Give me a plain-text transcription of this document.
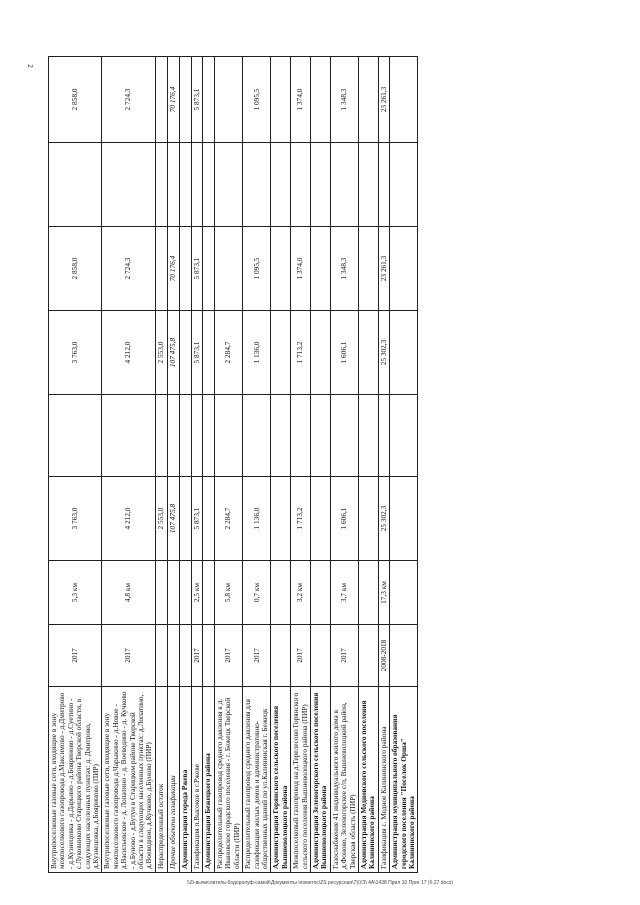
2
Внутрипоселковые газовые сети, входящие в зону межпоселкового газопровода д.Максимово - д.Дмитрово - д.Кузнецовка - д.Дарьино - д.Бояриново - д.Суетино - с.Луковниково Старицкого района Тверской области, в следующих населенных пунктах: д. Дмитрово, д.Кузнецовка, д.Бояриново (ПИР)	2017	5,3 км	3 763,0		3 763,0	2 858,0		2 858,0
Внутрипоселковые газовые сети, входящие в зону межпоселкового газопровода д.Чарыкино - д.Новое - д.Васильевское - д. Лопатино - д. Воеводино - д. Кучково - д.Буново - д.Бутун в Старицком районе Тверской области в следующих населенных пунктах: д.Лопатино, д.Воеводино, д.Кучково, д.Буново (ПИР)	2017	4,8 км	4 212,0		4 212,0	2 724,3		2 724,3
Нераспределенный остаток			2 553,0		2 553,0			
Прочие объекты газификации			107 475,8		107 475,8	70 176,4		70 176,4
Администрация города Ржева								
Газификация п.Высокое в г.Ржеве	2017	2,5 км	5 873,1		5 873,1	5 873,1		5 873,1
Администрация Бежецкого района								
Распределительный газопровод среднего давления к д. Ивановское городского поселения - г. Бежецк Тверской области (ПИР)	2017	5,8 км	2 284,7		2 284,7			
Распределительный газопровод среднего давления для газификации жилых домов и административно-общественных зданий по ул.Калининская г. Бежецк	2017	0,7 км	1 136,0		1 136,0	1 095,5		1 095,5
Администрация Горянского сельского поселения Вышневолоцкого района								
Межпоселковый газопровод на д.Терелесово Горянского сельского поселения Вышневолоцкого района (ПИР)	2017	3,2 км	1 713,2		1 713,2	1 374,0		1 374,0
Администрация Зеленогорского сельского поселения Вышневолоцкого района								
Газоснабжение 41 индивидуального жилого дома в д.Фоново, Зеленогорское с/п, Вышневолоцкий район, Тверская область (ПИР)	2017	3,7 км	1 606,1		1 606,1	1 348,3		1 348,3
Администрация Медновского сельского поселения Калининского района								
Газификация с. Медное Калининского района	2008-2018	17,3 км	25 302,3		25 302,3	23 261,3		23 261,3
Администрация муниципального образования городского поселения "Поселок Орша" Калининского района								
\\Zi-вычислитель-бодоролуф-самой\Документы-\пометос\ZS ресурсная\7)\УЗ\ 4А\1438 Прил 10 Приг 17 (б.27.docx)
